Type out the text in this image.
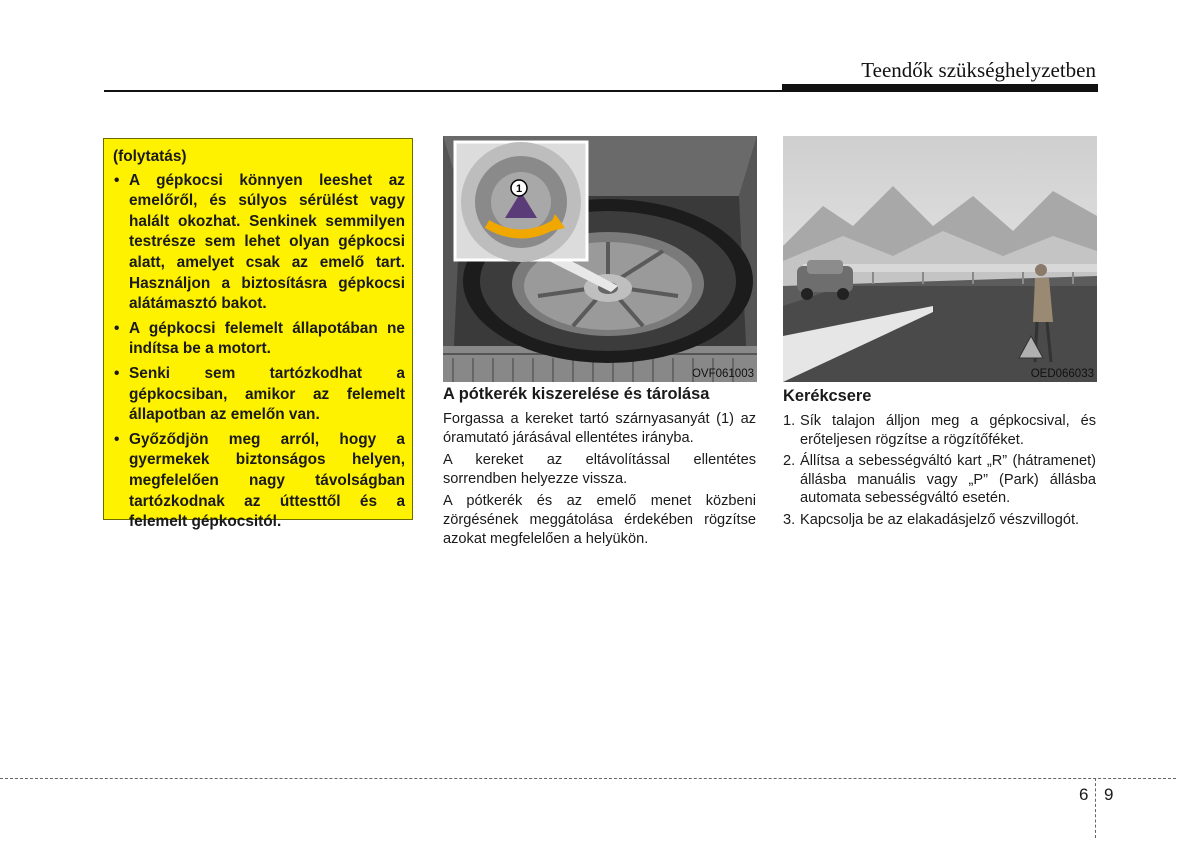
Teendők szükséghelyzetben
(folytatás)
• A gépkocsi könnyen leeshet az emelőről, és súlyos sérülést vagy halált okozhat. Senkinek semmilyen testrésze sem lehet olyan gépkocsi alatt, amelyet csak az emelő tart. Használjon a biztosításra gépkocsi alátámasztó bakot.
• A gépkocsi felemelt állapotában ne indítsa be a motort.
• Senki sem tartózkodhat a gépkocsiban, amikor az felemelt állapotban az emelőn van.
• Győződjön meg arról, hogy a gyermekek biztonságos helyen, megfelelően nagy távolságban tartózkodnak az úttesttől és a felemelt gépkocsitól.
1
OVF061003
A pótkerék kiszerelése és tárolása

Forgassa a kereket tartó szárnyasanyát (1) az óramutató járásával ellentétes irányba.

A kereket az eltávolítással ellentétes sorrendben helyezze vissza.

A pótkerék és az emelő menet közbeni zörgésének meggátolása érdekében rögzítse azokat megfelelően a helyükön.

OED066033
Kerékcsere
1. Sík talajon álljon meg a gépkocsival, és erőteljesen rögzítse a rögzítőféket.
2. Állítsa a sebességváltó kart „R” (hátramenet) állásba manuális vagy „P” (Park) állásba automata sebességváltó esetén.
3. Kapcsolja be az elakadásjelző vészvillogót.
6 9
